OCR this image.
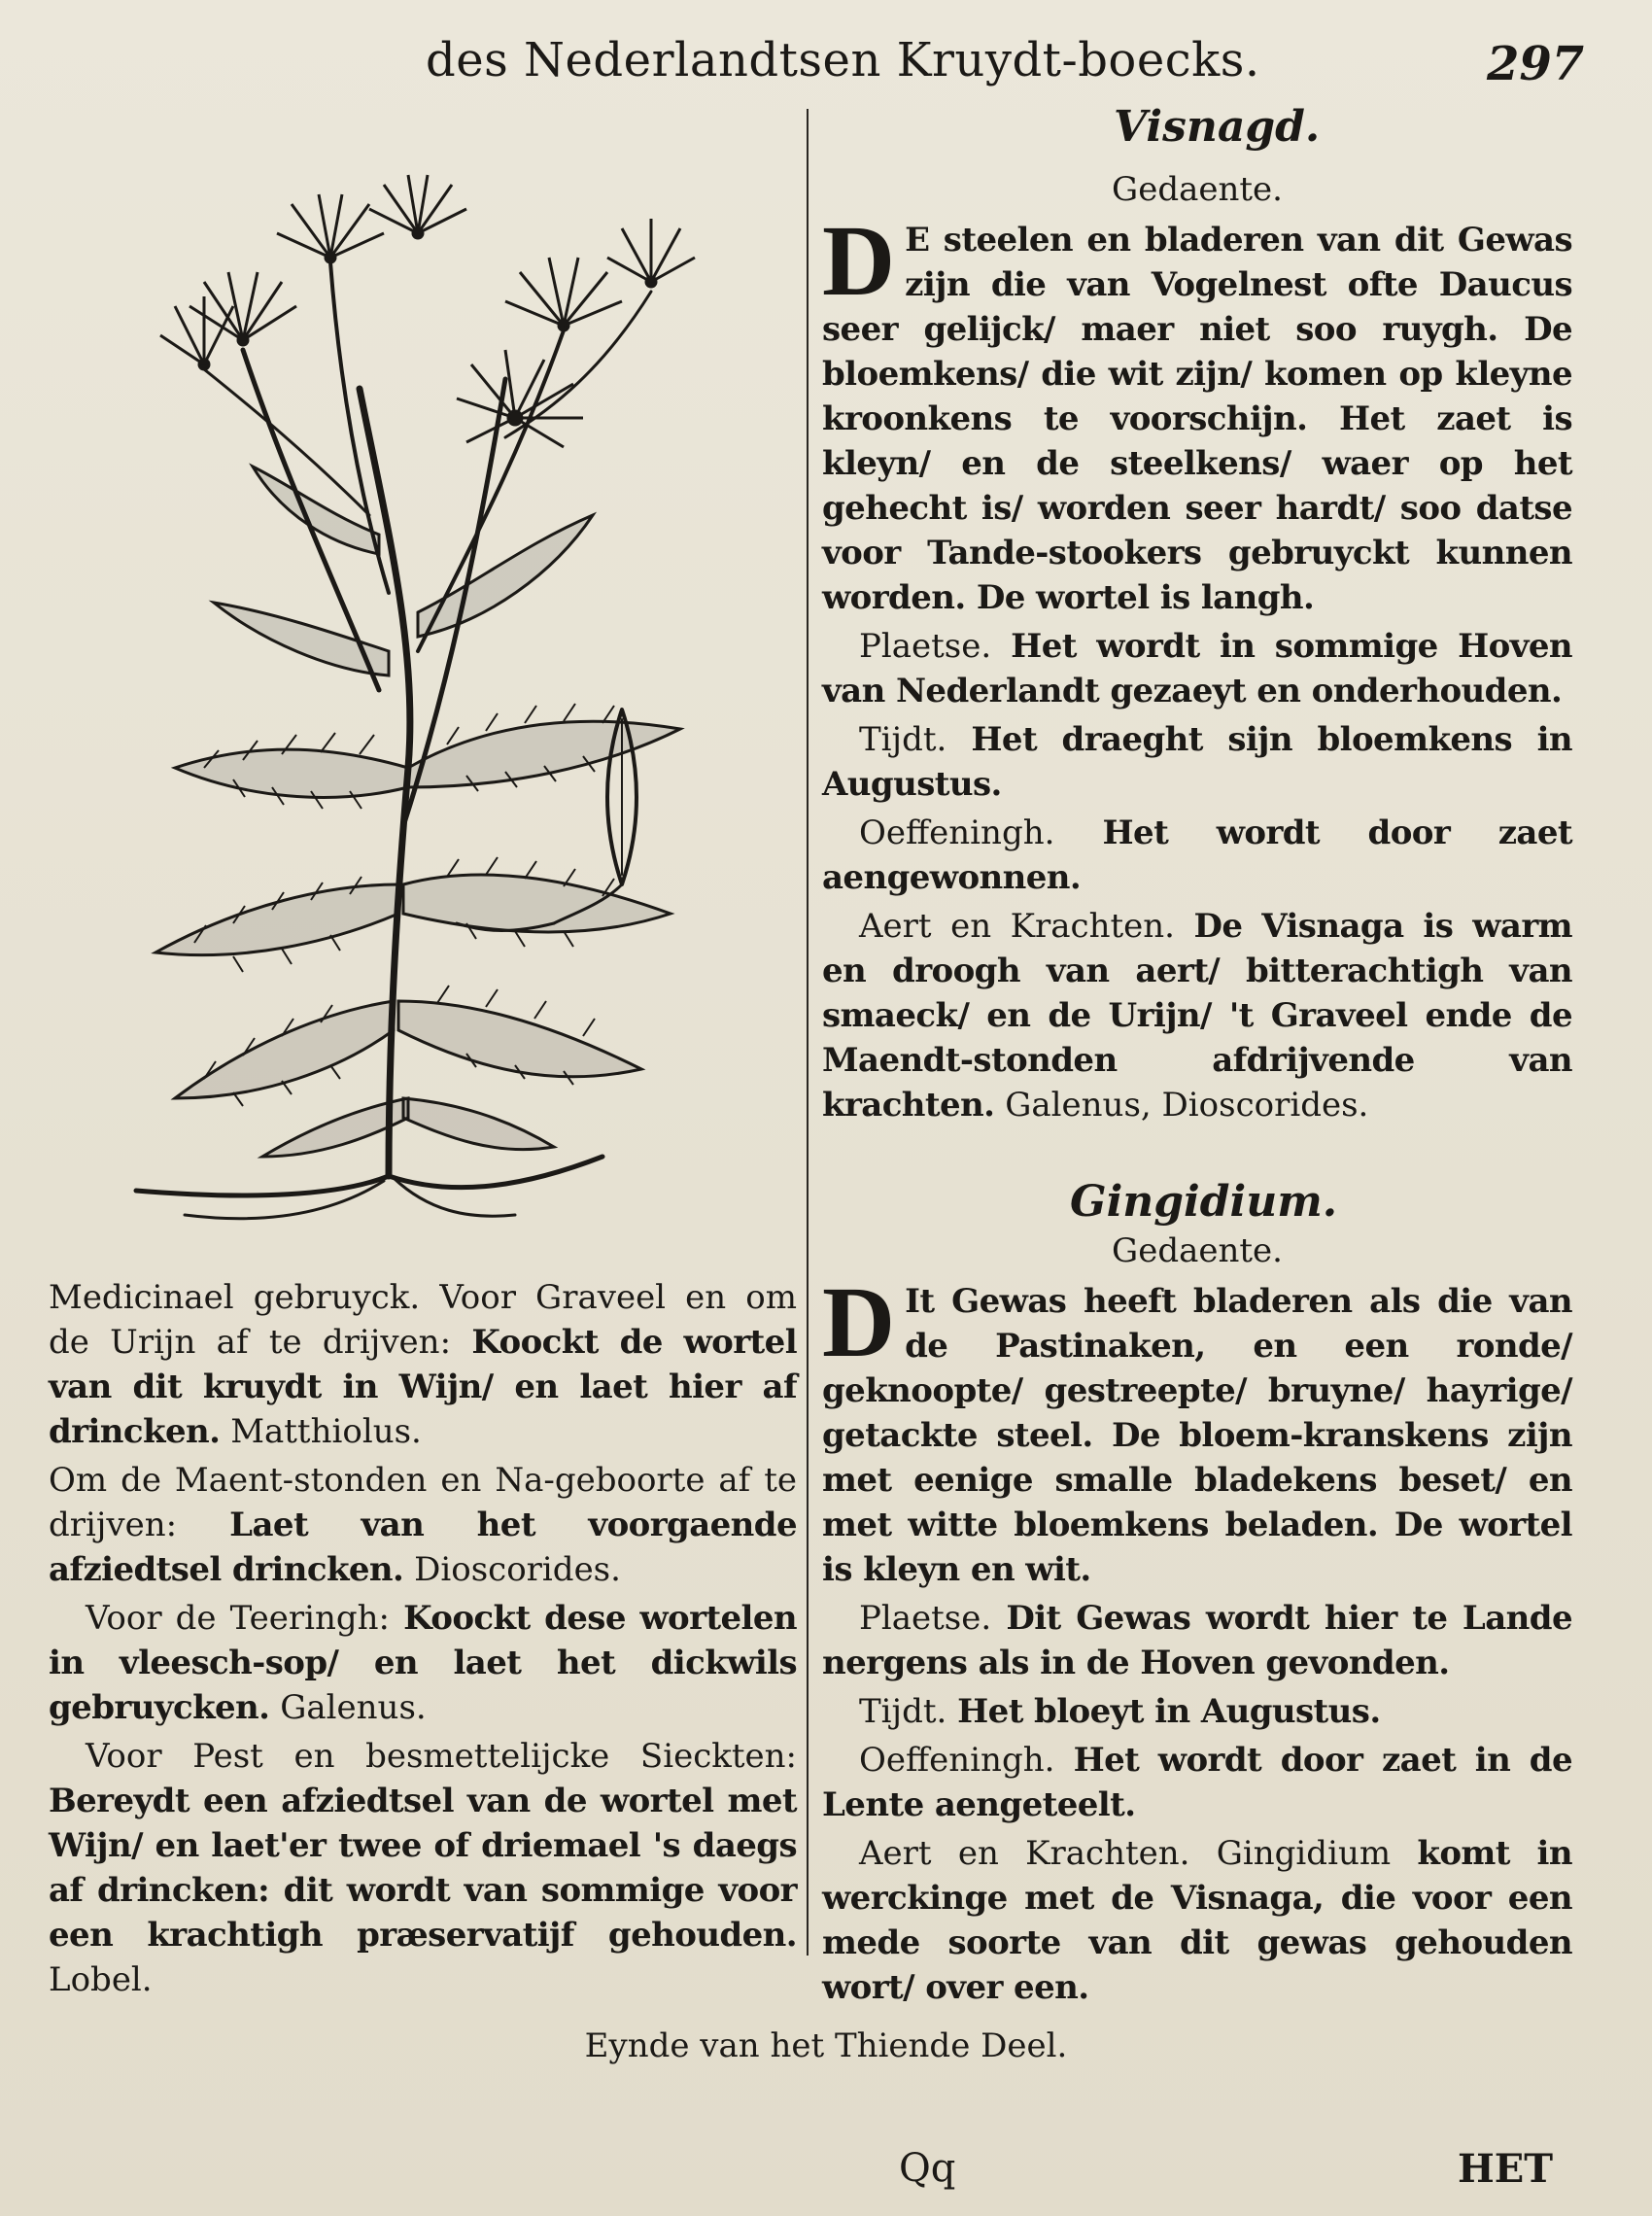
des Nederlandtsen Kruydt-boecks.	297

Medicinael gebruyck. Voor Graveel en om de Urijn af te drijven: Koockt de wortel van dit kruydt in Wijn/ en laet hier af drincken. Matthiolus.

Om de Maent-stonden en Na-geboorte af te drijven: Laet van het voorgaende afziedtsel drincken. Dioscorides.

Voor de Teeringh: Koockt dese wortelen in vleesch-sop/ en laet het dickwils gebruycken. Galenus.

Voor Pest en besmettelijcke Sieckten: Bereydt een afziedtsel van de wortel met Wijn/ en laet'er twee of driemael 's daegs af drincken: dit wordt van sommige voor een krachtigh præservatijf gehouden. Lobel.

Visnagd.
Gedaente.

D E steelen en bladeren van dit Gewas zijn die van Vogelnest ofte Daucus seer gelijck/ maer niet soo ruygh. De bloemkens/ die wit zijn/ komen op kleyne kroonkens te voorschijn. Het zaet is kleyn/ en de steelkens/ waer op het gehecht is/ worden seer hardt/ soo datse voor Tande-stookers gebruyckt kunnen worden. De wortel is langh.

Plaetse. Het wordt in sommige Hoven van Nederlandt gezaeyt en onderhouden.

Tijdt. Het draeght sijn bloemkens in Augustus.

Oeffeningh. Het wordt door zaet aengewonnen.

Aert en Krachten. De Visnaga is warm en droogh van aert/ bitterachtigh van smaeck/ en de Urijn/ 't Graveel ende de Maendt-stonden afdrijvende van krachten. Galenus, Dioscorides.

Gingidium.
Gedaente.

D It Gewas heeft bladeren als die van de Pastinaken, en een ronde/ geknoopte/ gestreepte/ bruyne/ hayrige/ getackte steel. De bloem-kranskens zijn met eenige smalle bladekens beset/ en met witte bloemkens beladen. De wortel is kleyn en wit.

Plaetse. Dit Gewas wordt hier te Lande nergens als in de Hoven gevonden.

Tijdt. Het bloeyt in Augustus.

Oeffeningh. Het wordt door zaet in de Lente aengeteelt.

Aert en Krachten. Gingidium komt in werckinge met de Visnaga, die voor een mede soorte van dit gewas gehouden wort/ over een.

Eynde van het Thiende Deel.
Qq	HET
